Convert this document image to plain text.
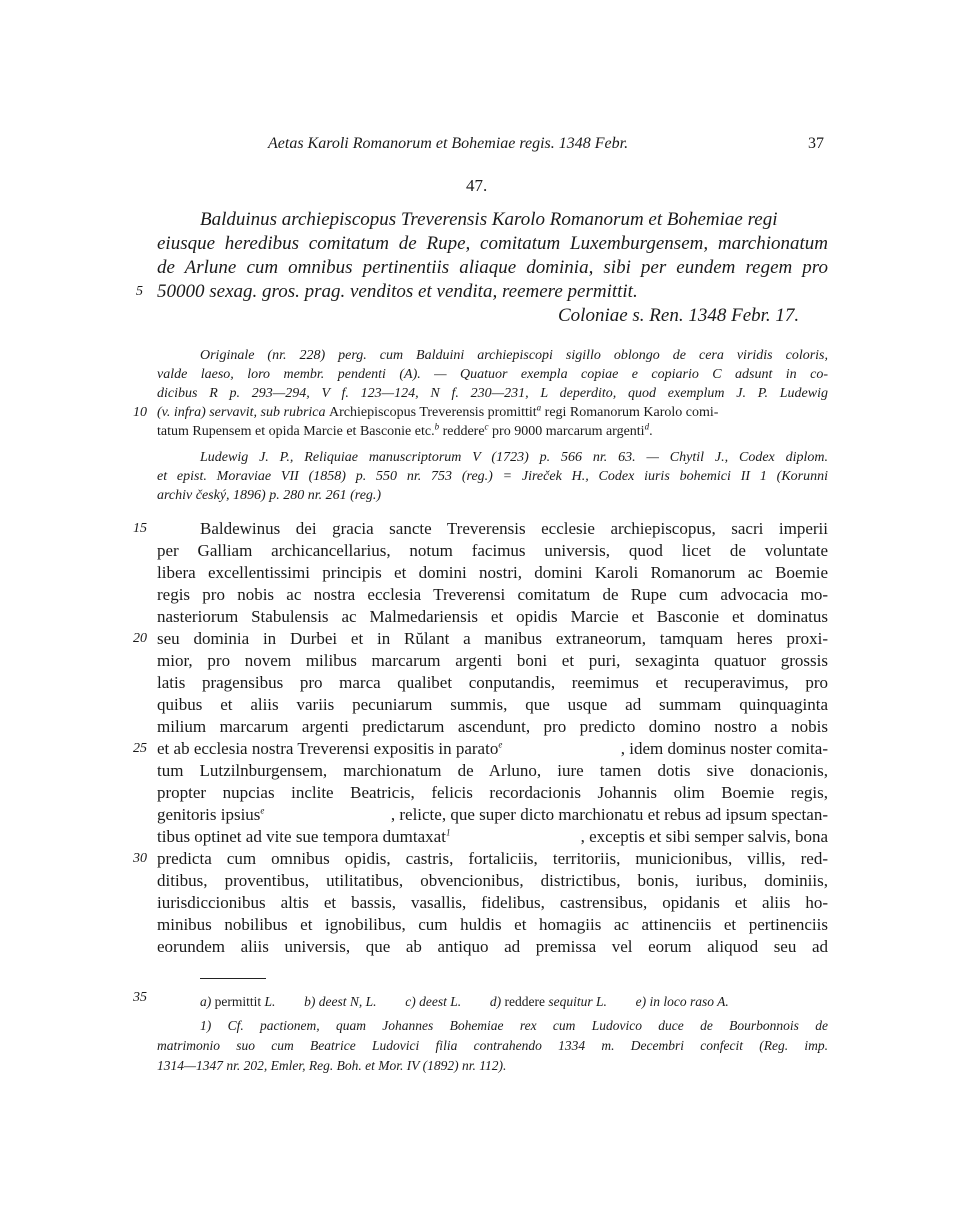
Aetas Karoli Romanorum et Bohemiae regis. 1348 Febr.	37
47.
Balduinus archiepiscopus Treverensis Karolo Romanorum et Bohemiae regi
eiusque heredibus comitatum de Rupe, comitatum Luxemburgensem, marchionatum
de Arlune cum omnibus pertinentiis aliaque dominia, sibi per eundem regem pro
50000 sexag. gros. prag. venditos et vendita, reemere permittit.
Coloniae s. Ren. 1348 Febr. 17.
Originale (nr. 228) perg. cum Balduini archiepiscopi sigillo oblongo de cera viridis coloris,
valde laeso, loro membr. pendenti (A). — Quatuor exempla copiae e copiario C adsunt in co-
dicibus R p. 293—294, V f. 123—124, N f. 230—231, L deperdito, quod exemplum J. P. Ludewig
(v. infra) servavit, sub rubrica Archiepiscopus Treverensis promittit$^a$ regi Romanorum Karolo comi-
tatum Rupensem et opida Marcie et Basconie etc.$^b$ reddere$^c$ pro 9000 marcarum argenti$^d$.
Ludewig J. P., Reliquiae manuscriptorum V (1723) p. 566 nr. 63. — Chytil J., Codex diplom.
et epist. Moraviae VII (1858) p. 550 nr. 753 (reg.) = Jireček H., Codex iuris bohemici II 1 (Korunni
archiv český, 1896) p. 280 nr. 261 (reg.)
Baldewinus dei gracia sancte Treverensis ecclesie archiepiscopus, sacri imperii
per Galliam archicancellarius, notum facimus universis, quod licet de voluntate
libera excellentissimi principis et domini nostri, domini Karoli Romanorum ac Boemie
regis pro nobis ac nostra ecclesia Treverensi comitatum de Rupe cum advocacia mo-
nasteriorum Stabulensis ac Malmedariensis et opidis Marcie et Basconie et dominatus
seu dominia in Durbei et in Rŭlant a manibus extraneorum, tamquam heres proxi-
mior, pro novem milibus marcarum argenti boni et puri, sexaginta quatuor grossis
latis pragensibus pro marca qualibet conputandis, reemimus et recuperavimus, pro
quibus et aliis variis pecuniarum summis, que usque ad summam quinquaginta
milium marcarum argenti predictarum ascendunt, pro predicto domino nostro a nobis
et ab ecclesia nostra Treverensi expositis in parato$^e$	, idem dominus noster comita-
tum Lutzilnburgensem, marchionatum de Arluno, iure tamen dotis sive donacionis,
propter nupcias inclite Beatricis, felicis recordacionis Johannis olim Boemie regis,
genitoris ipsius$^e$	, relicte, que super dicto marchionatu et rebus ad ipsum spectan-
tibus optinet ad vite sue tempora dumtaxat$^1$	, exceptis et sibi semper salvis, bona
predicta cum omnibus opidis, castris, fortaliciis, territoriis, municionibus, villis, red-
ditibus, proventibus, utilitatibus, obvencionibus, districtibus, bonis, iuribus, dominiis,
iurisdiccionibus altis et bassis, vasallis, fidelibus, castrensibus, opidanis et aliis ho-
minibus nobilibus et ignobilibus, cum huldis et homagiis ac attinenciis et pertinenciis
eorundem aliis universis, que ab antiquo ad premissa vel eorum aliquod seu ad
5
10
15
20
25
30
35	a) permittit L. b) deest N, L. c) deest L. d) reddere sequitur L. e) in loco raso A.
1) Cf. pactionem, quam Johannes Bohemiae rex cum Ludovico duce de Bourbonnois de
matrimonio suo cum Beatrice Ludovici filia contrahendo 1334 m. Decembri confecit (Reg. imp.
1314—1347 nr. 202, Emler, Reg. Boh. et Mor. IV (1892) nr. 112).
